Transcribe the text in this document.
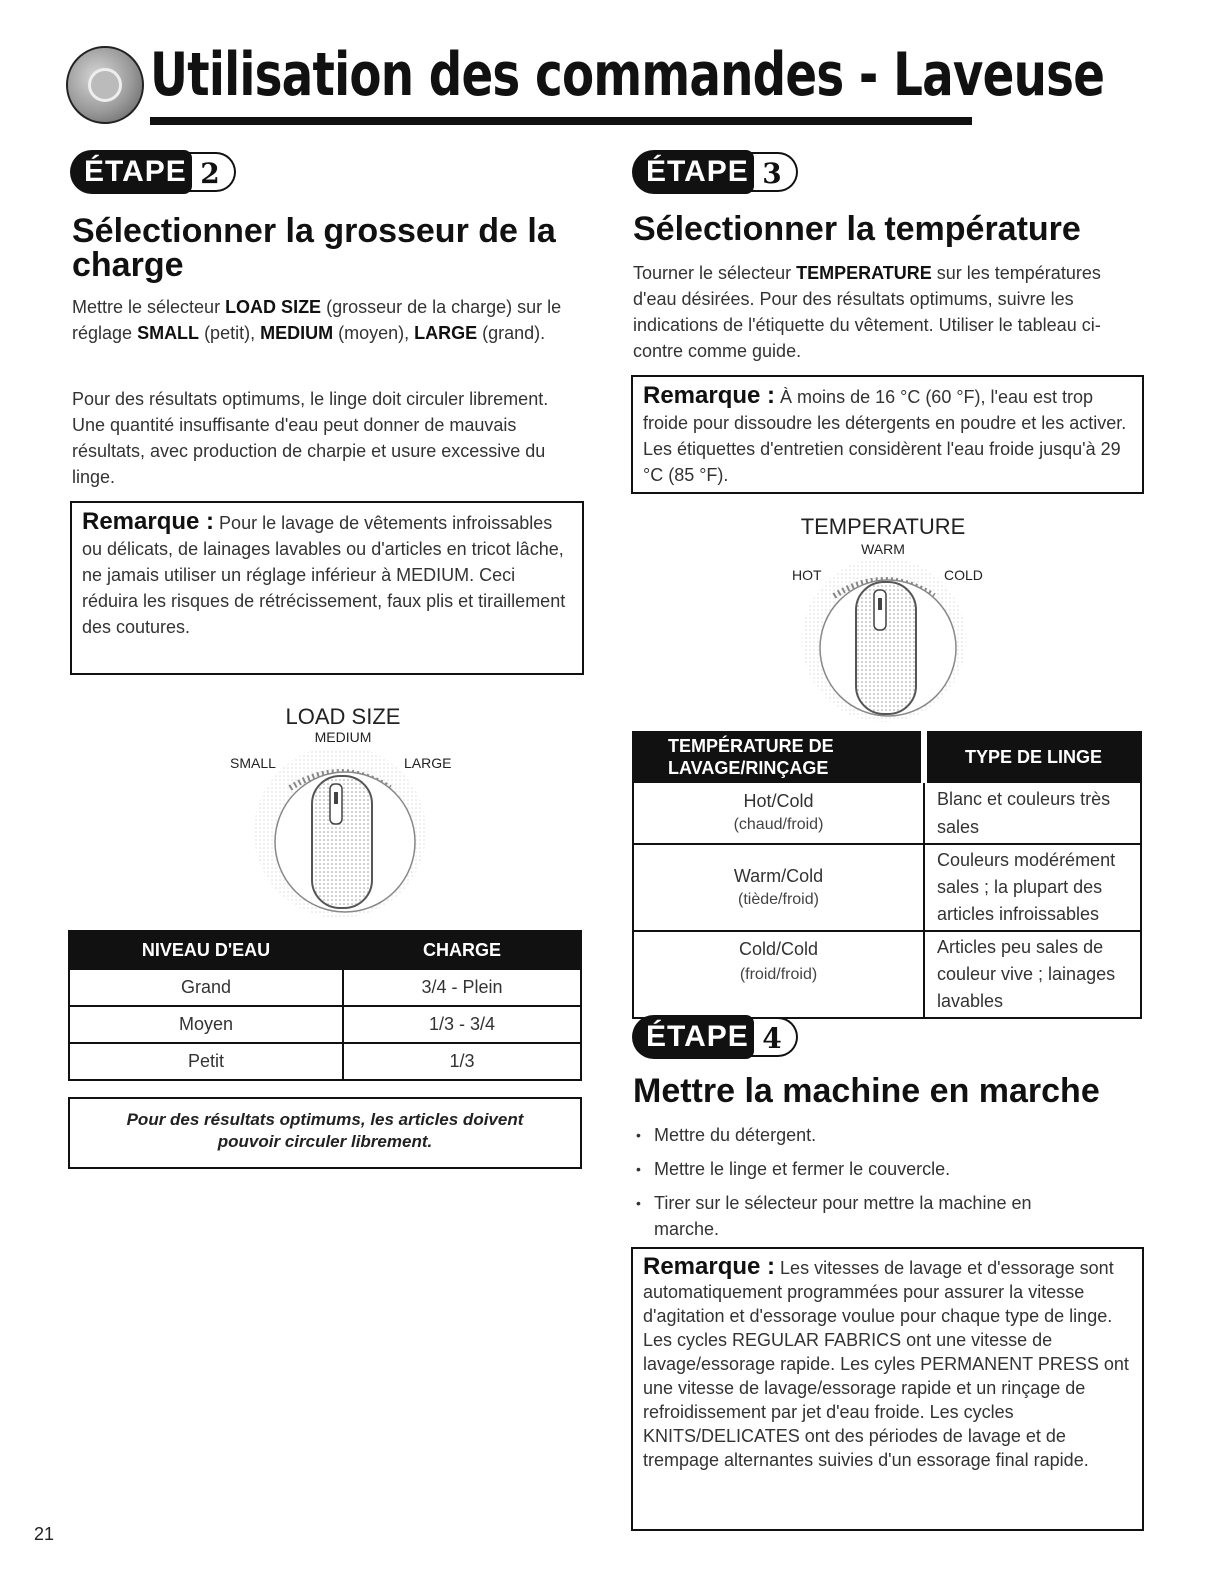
Utilisation des commandes - Laveuse
ÉTAPE 2
Sélectionner la grosseur de la charge

Mettre le sélecteur LOAD SIZE (grosseur de la charge) sur le réglage SMALL (petit), MEDIUM (moyen), LARGE (grand).

Pour des résultats optimums, le linge doit circuler librement. Une quantité insuffisante d'eau peut donner de mauvais résultats, avec production de charpie et usure excessive du linge.

Remarque : Pour le lavage de vêtements infroissables ou délicats, de lainages lavables ou d'articles en tricot lâche, ne jamais utiliser un réglage inférieur à MEDIUM. Ceci réduira les risques de rétrécissement, faux plis et tiraillement des coutures.
LOAD SIZE
MEDIUM
SMALL	LARGE
NIVEAU D'EAU	CHARGE
Grand	3/4 - Plein
Moyen	1/3 - 3/4
Petit	1/3
Pour des résultats optimums, les articles doivent pouvoir circuler librement.
ÉTAPE 3
Sélectionner la température

Tourner le sélecteur TEMPERATURE sur les températures d'eau désirées. Pour des résultats optimums, suivre les indications de l'étiquette du vêtement. Utiliser le tableau ci-contre comme guide.

Remarque : À moins de 16 °C (60 °F), l'eau est trop froide pour dissoudre les détergents en poudre et les activer. Les étiquettes d'entretien considèrent l'eau froide jusqu'à 29 °C (85 °F).
TEMPERATURE
WARM
HOT	COLD
TEMPÉRATURE DE LAVAGE/RINÇAGE	TYPE DE LINGE

Hot/Cold
(chaud/froid)	Blanc et couleurs très sales

Warm/Cold
(tiède/froid)	Couleurs modérément sales ; la plupart des articles infroissables

Cold/Cold
(froid/froid)	Articles peu sales de couleur vive ; lainages lavables
ÉTAPE 4
Mettre la machine en marche
• Mettre du détergent.
• Mettre le linge et fermer le couvercle.
• Tirer sur le sélecteur pour mettre la machine en marche.
Remarque : Les vitesses de lavage et d'essorage sont automatiquement programmées pour assurer la vitesse d'agitation et d'essorage voulue pour chaque type de linge. Les cycles REGULAR FABRICS ont une vitesse de lavage/essorage rapide. Les cyles PERMANENT PRESS ont une vitesse de lavage/essorage rapide et un rinçage de refroidissement par jet d'eau froide. Les cycles KNITS/DELICATES ont des périodes de lavage et de trempage alternantes suivies d'un essorage final rapide.
21
